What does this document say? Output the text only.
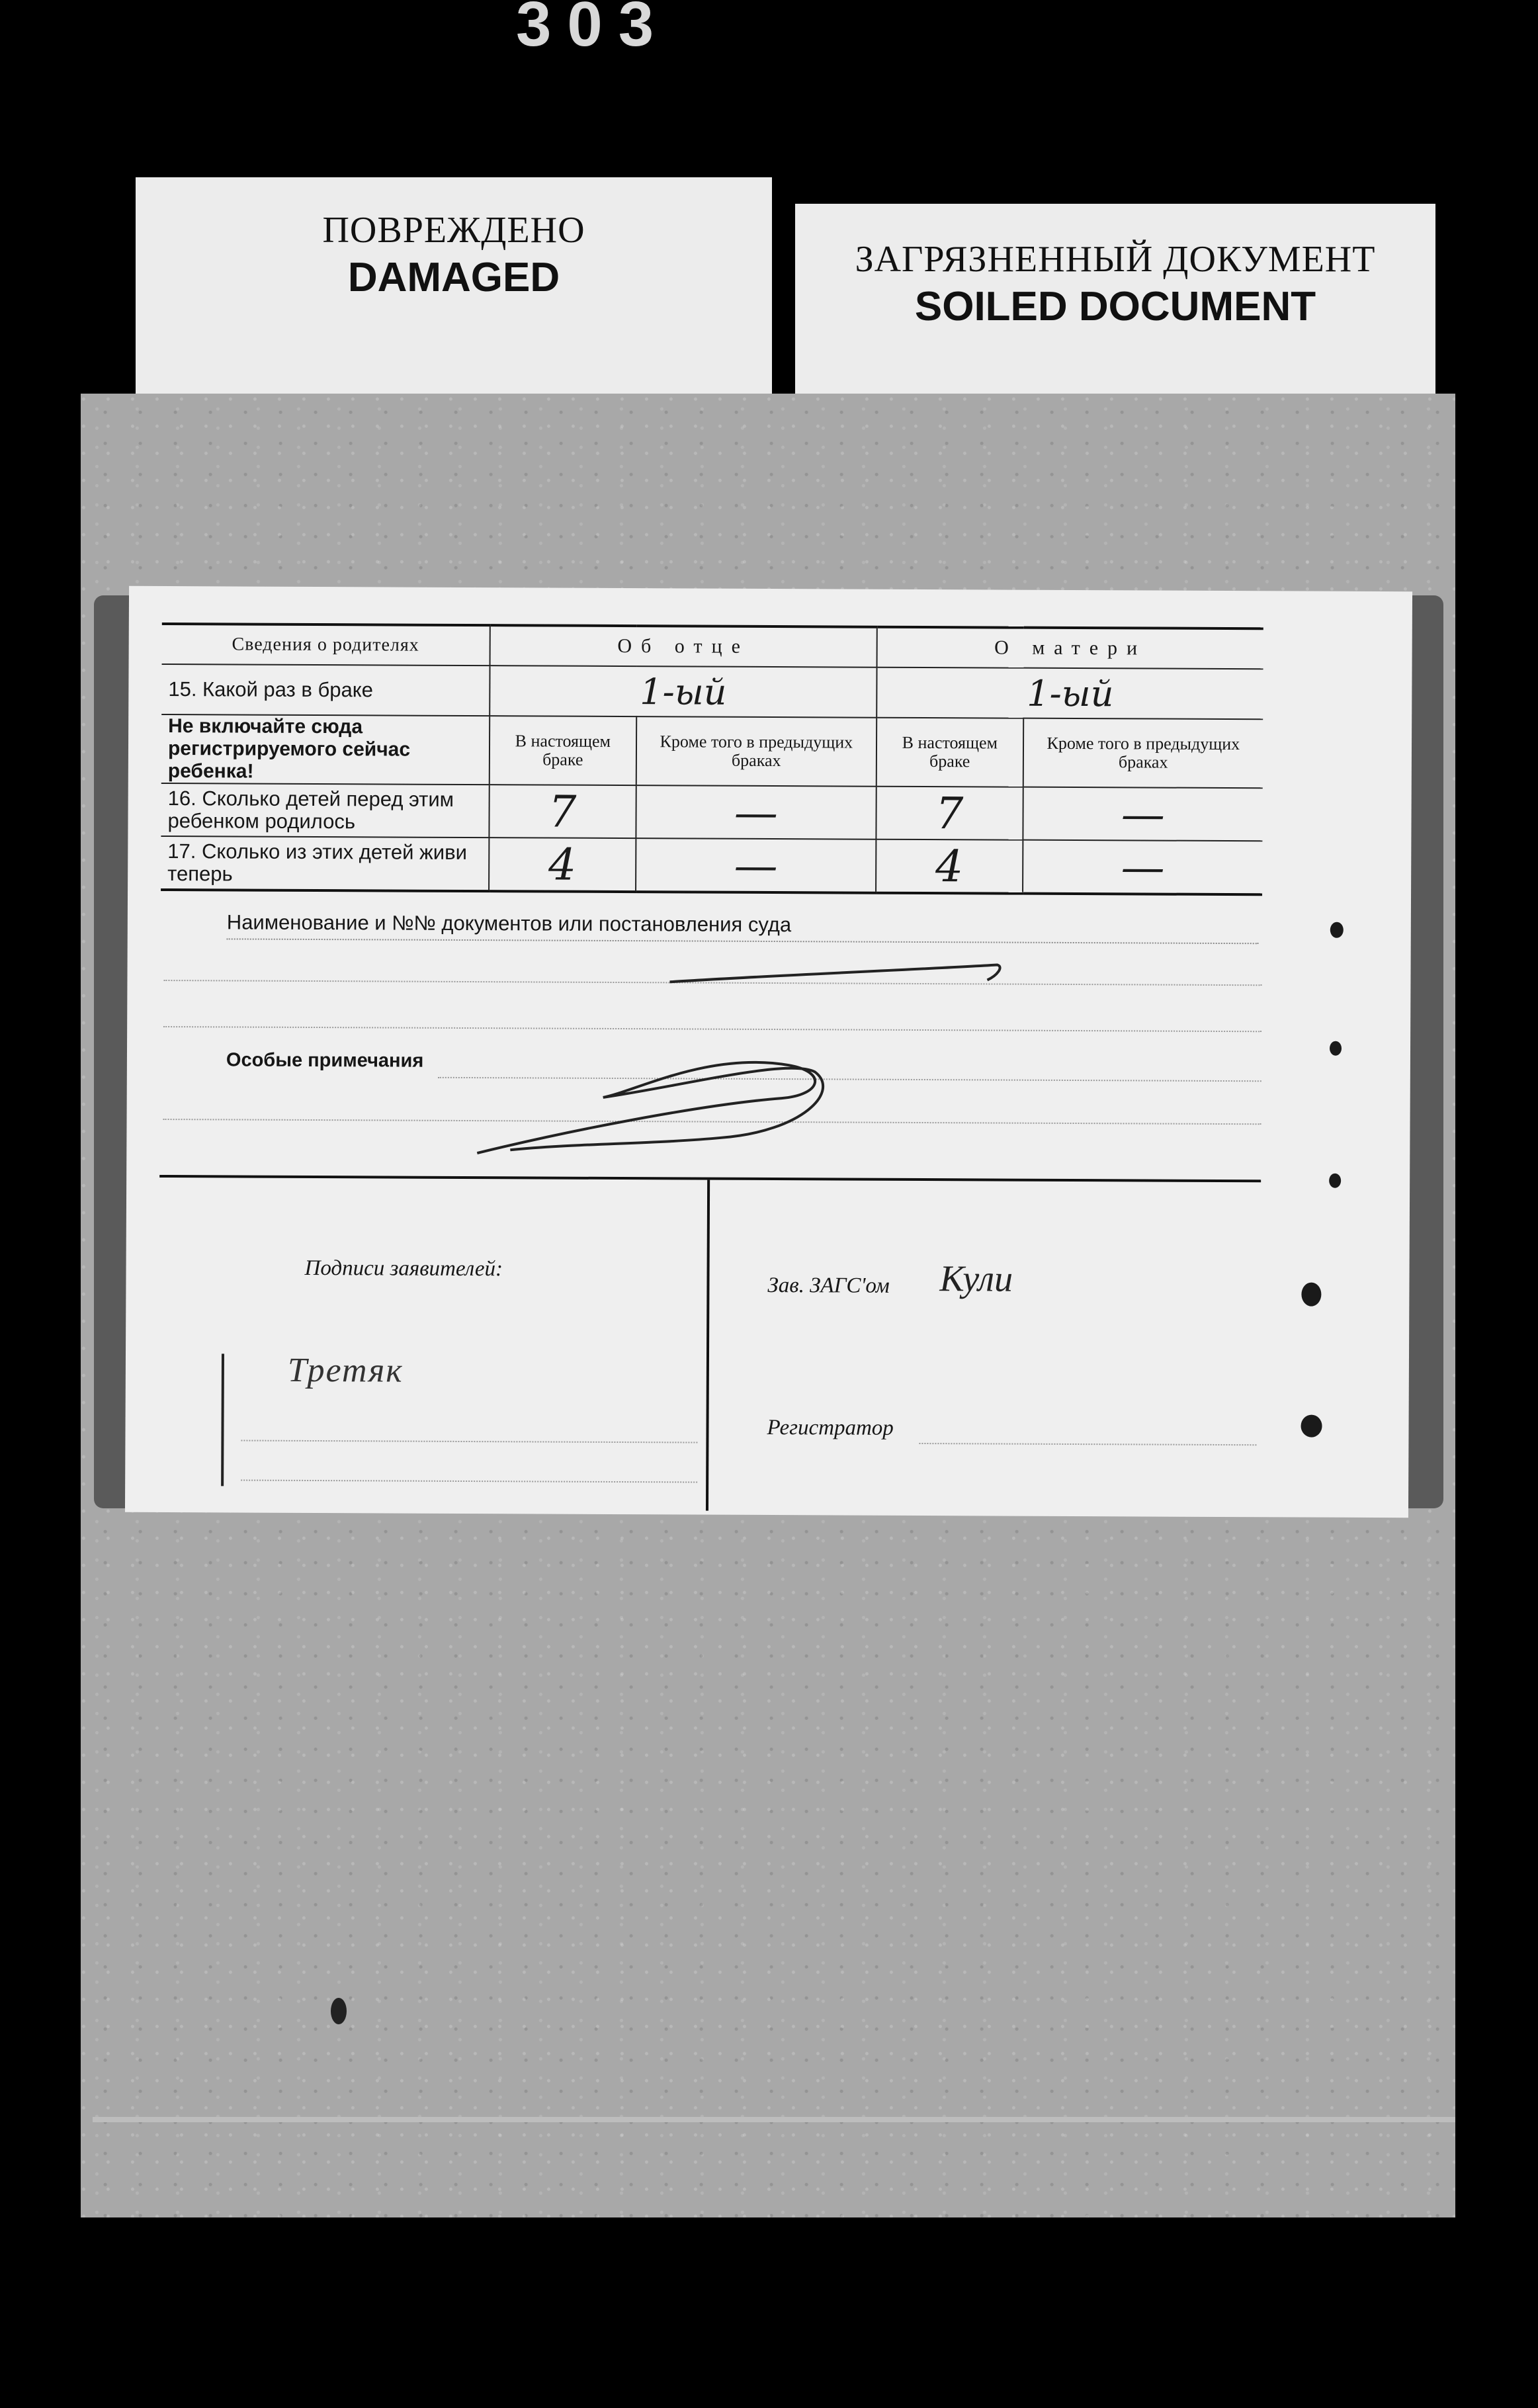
303
ПОВРЕЖДЕНО
DAMAGED	ЗАГРЯЗНЕННЫЙ ДОКУМЕНТ
SOILED DOCUMENT
Сведения о родителях	Об отце		О матери	
15. Какой раз в браке	1-ый		1-ый	
Не включайте сюда регистрируемого сейчас ребенка!	В настоящем браке	Кроме того в предыдущих браках	В настоящем браке	Кроме того в предыдущих браках
16. Сколько детей перед этим ребенком родилось	7	—	7	—
17. Сколько из этих детей живи теперь	4	—	4	—
Наименование и №№ документов или постановления суда
Особые примечания
Подписи заявителей:
Третяк
Зав. ЗАГС'ом Кули
Регистратор
